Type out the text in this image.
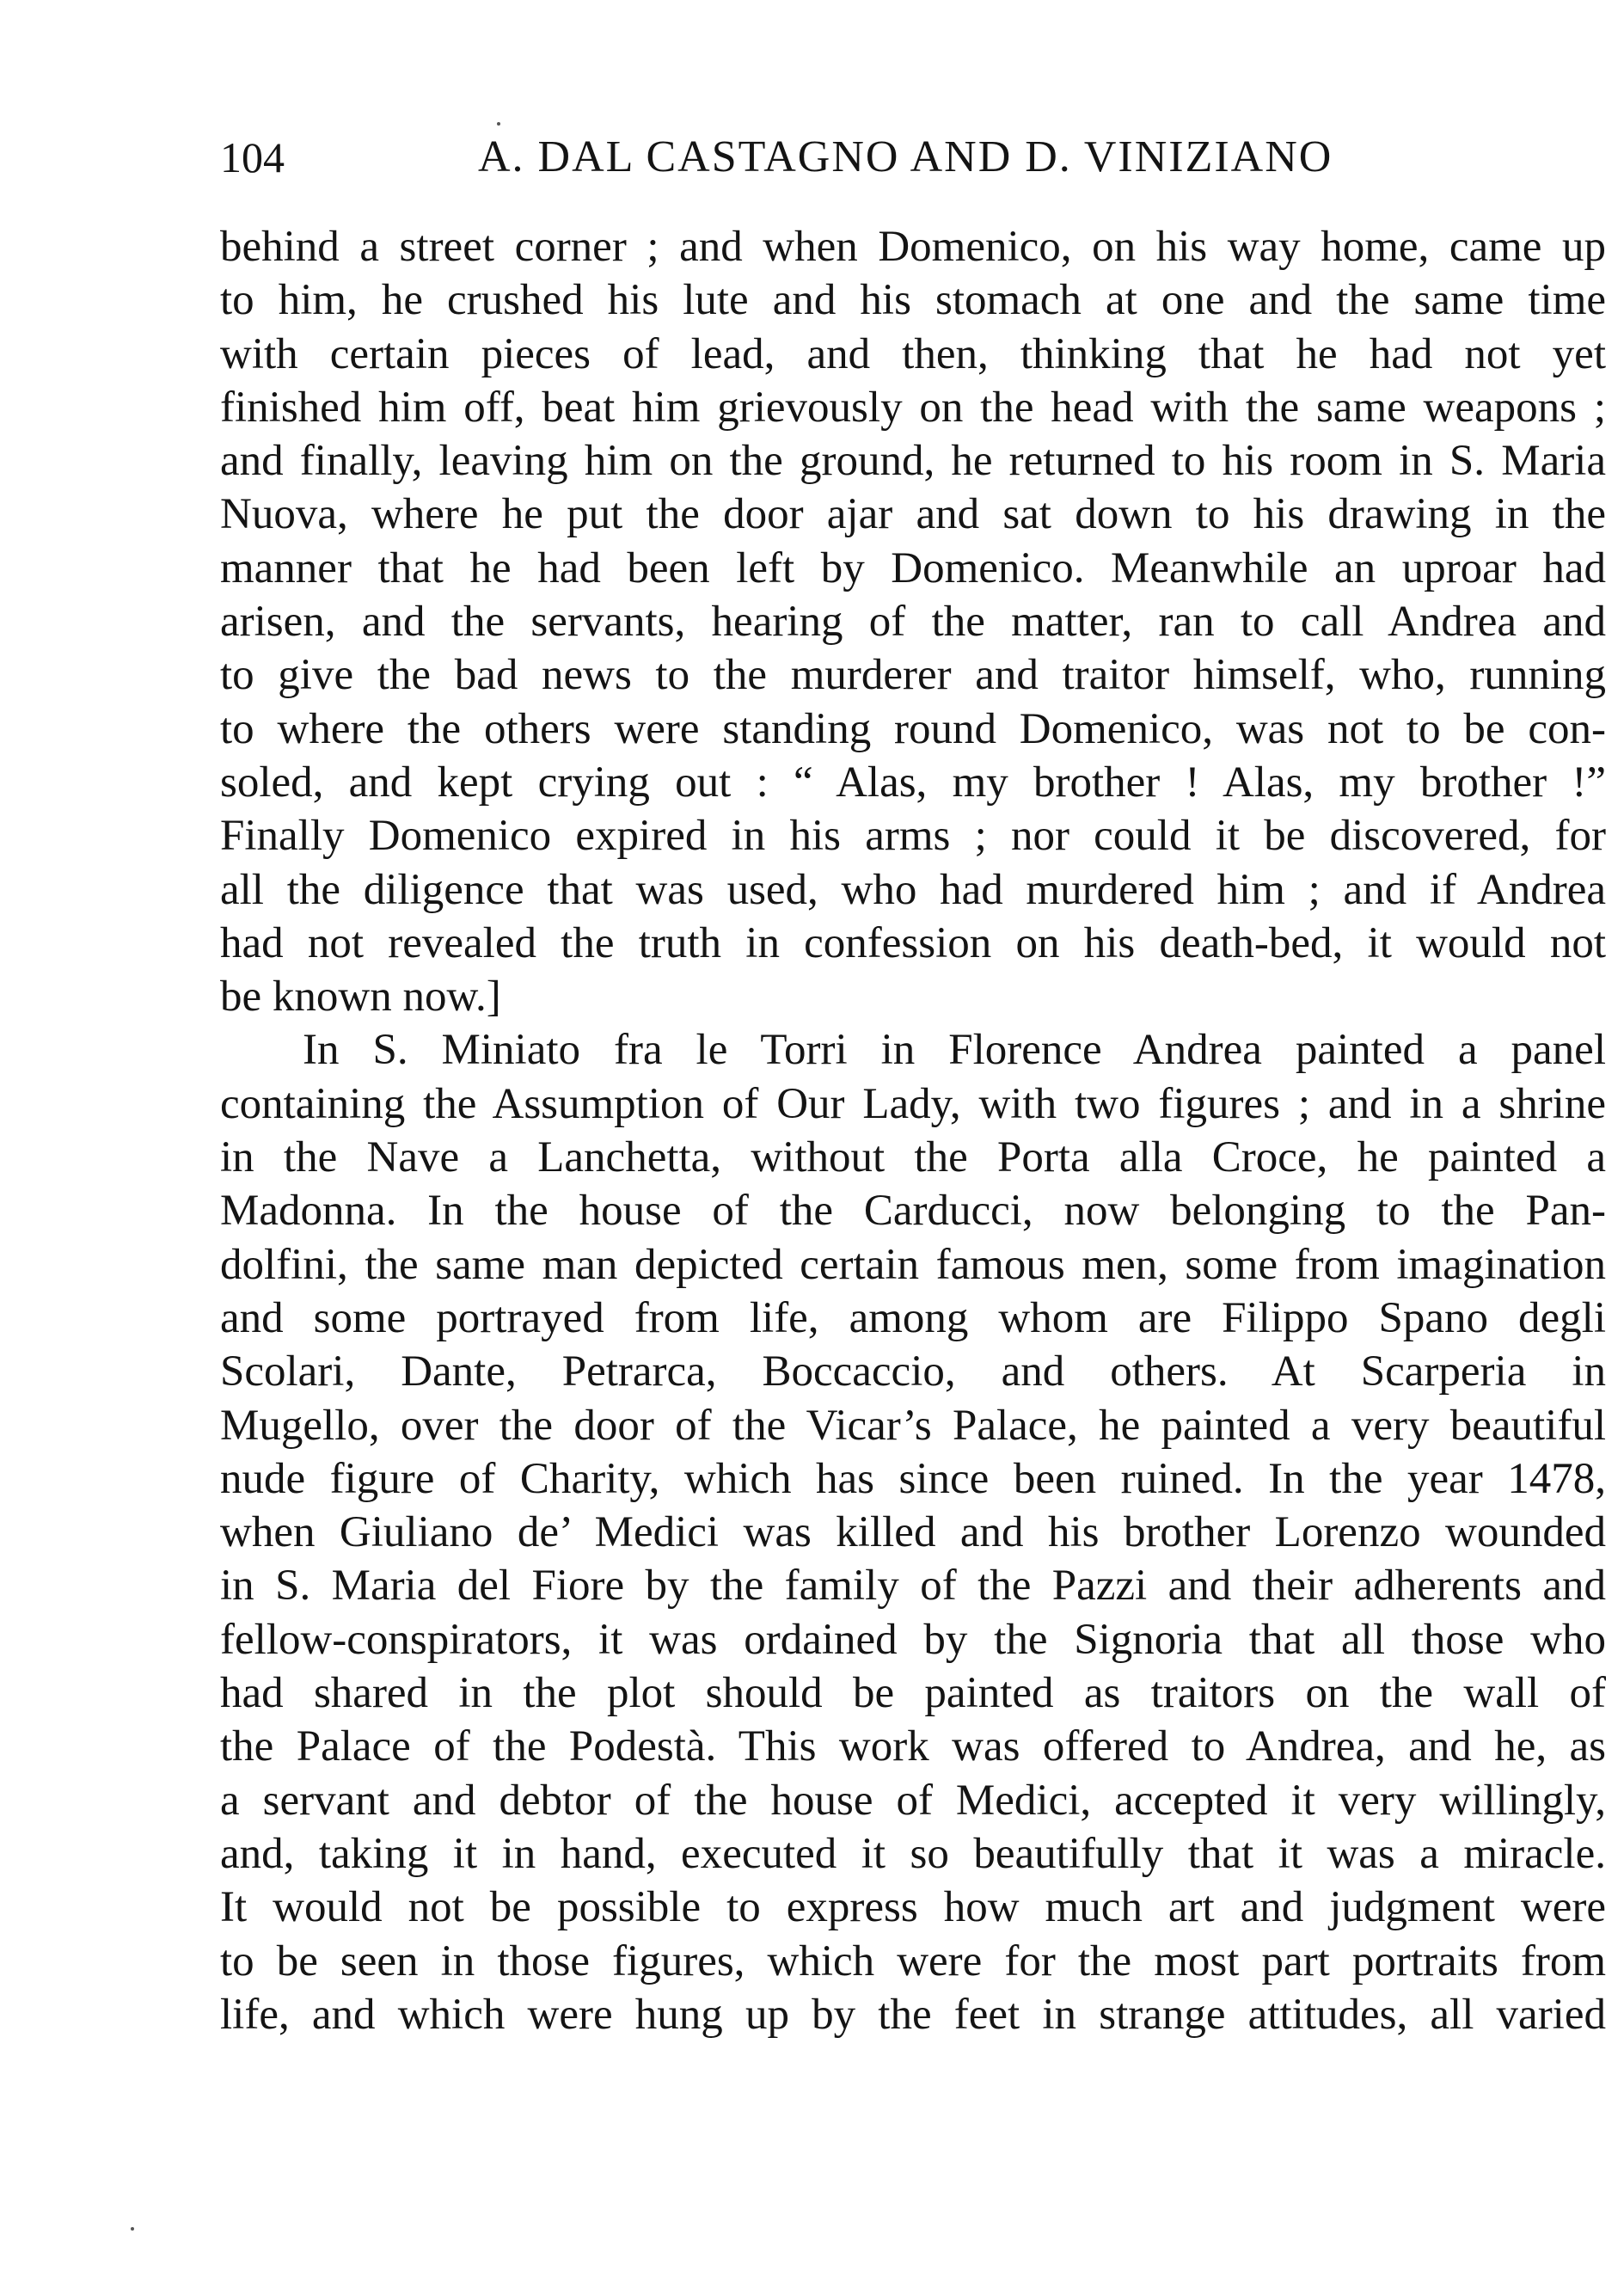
104	A. DAL CASTAGNO AND D. VINIZIANO
behind a street corner ; and when Domenico, on his way home, came up
to him, he crushed his lute and his stomach at one and the same time
with certain pieces of lead, and then, thinking that he had not yet
finished him off, beat him grievously on the head with the same weapons ;
and finally, leaving him on the ground, he returned to his room in S. Maria
Nuova, where he put the door ajar and sat down to his drawing in the
manner that he had been left by Domenico. Meanwhile an uproar had
arisen, and the servants, hearing of the matter, ran to call Andrea and
to give the bad news to the murderer and traitor himself, who, running
to where the others were standing round Domenico, was not to be con-
soled, and kept crying out : “ Alas, my brother ! Alas, my brother !”
Finally Domenico expired in his arms ; nor could it be discovered, for
all the diligence that was used, who had murdered him ; and if Andrea
had not revealed the truth in confession on his death-bed, it would not
be known now.]
In S. Miniato fra le Torri in Florence Andrea painted a panel
containing the Assumption of Our Lady, with two figures ; and in a shrine
in the Nave a Lanchetta, without the Porta alla Croce, he painted a
Madonna. In the house of the Carducci, now belonging to the Pan-
dolfini, the same man depicted certain famous men, some from imagination
and some portrayed from life, among whom are Filippo Spano degli
Scolari, Dante, Petrarca, Boccaccio, and others. At Scarperia in
Mugello, over the door of the Vicar’s Palace, he painted a very beautiful
nude figure of Charity, which has since been ruined. In the year 1478,
when Giuliano de’ Medici was killed and his brother Lorenzo wounded
in S. Maria del Fiore by the family of the Pazzi and their adherents and
fellow-conspirators, it was ordained by the Signoria that all those who
had shared in the plot should be painted as traitors on the wall of
the Palace of the Podestà. This work was offered to Andrea, and he, as
a servant and debtor of the house of Medici, accepted it very willingly,
and, taking it in hand, executed it so beautifully that it was a miracle.
It would not be possible to express how much art and judgment were
to be seen in those figures, which were for the most part portraits from
life, and which were hung up by the feet in strange attitudes, all varied
